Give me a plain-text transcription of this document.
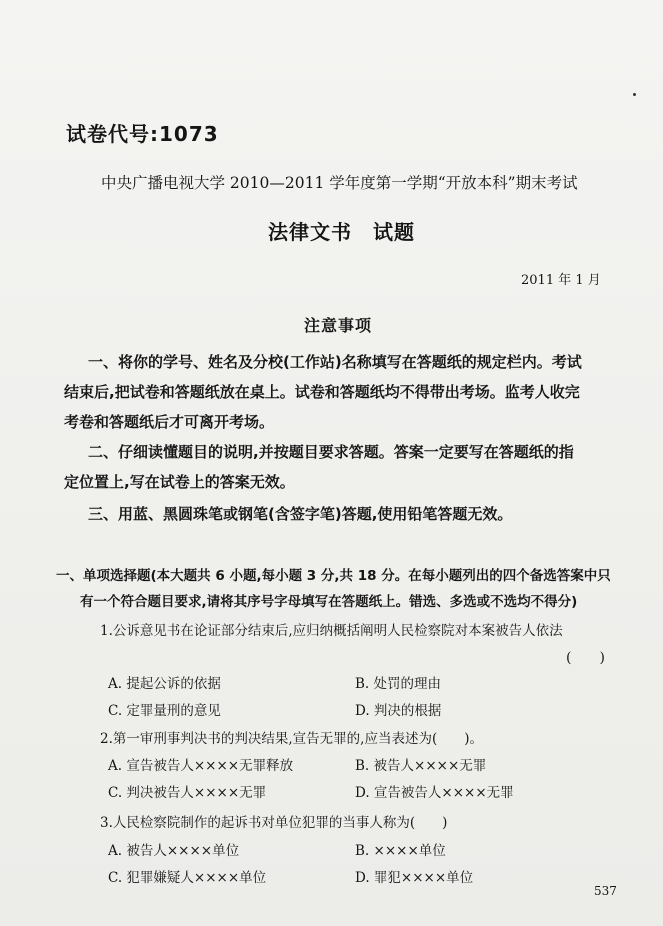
试卷代号:1073
中央广播电视大学 2010—2011 学年度第一学期“开放本科”期末考试
法律文书　试题
2011 年 1 月
注意事项
一、将你的学号、姓名及分校(工作站)名称填写在答题纸的规定栏内。考试
结束后,把试卷和答题纸放在桌上。试卷和答题纸均不得带出考场。监考人收完
考卷和答题纸后才可离开考场。
二、仔细读懂题目的说明,并按题目要求答题。答案一定要写在答题纸的指
定位置上,写在试卷上的答案无效。
三、用蓝、黑圆珠笔或钢笔(含签字笔)答题,使用铅笔答题无效。
一、单项选择题(本大题共 6 小题,每小题 3 分,共 18 分。在每小题列出的四个备选答案中只
有一个符合题目要求,请将其序号字母填写在答题纸上。错选、多选或不选均不得分)
1.公诉意见书在论证部分结束后,应归纳概括阐明人民检察院对本案被告人依法
(　　)
A. 提起公诉的依据	B. 处罚的理由
C. 定罪量刑的意见	D. 判决的根据
2.第一审刑事判决书的判决结果,宣告无罪的,应当表述为(　　)。
A. 宣告被告人××××无罪释放	B. 被告人××××无罪
C. 判决被告人××××无罪	D. 宣告被告人××××无罪
3.人民检察院制作的起诉书对单位犯罪的当事人称为(　　)
A. 被告人××××单位	B. ××××单位
C. 犯罪嫌疑人××××单位	D. 罪犯××××单位
537
